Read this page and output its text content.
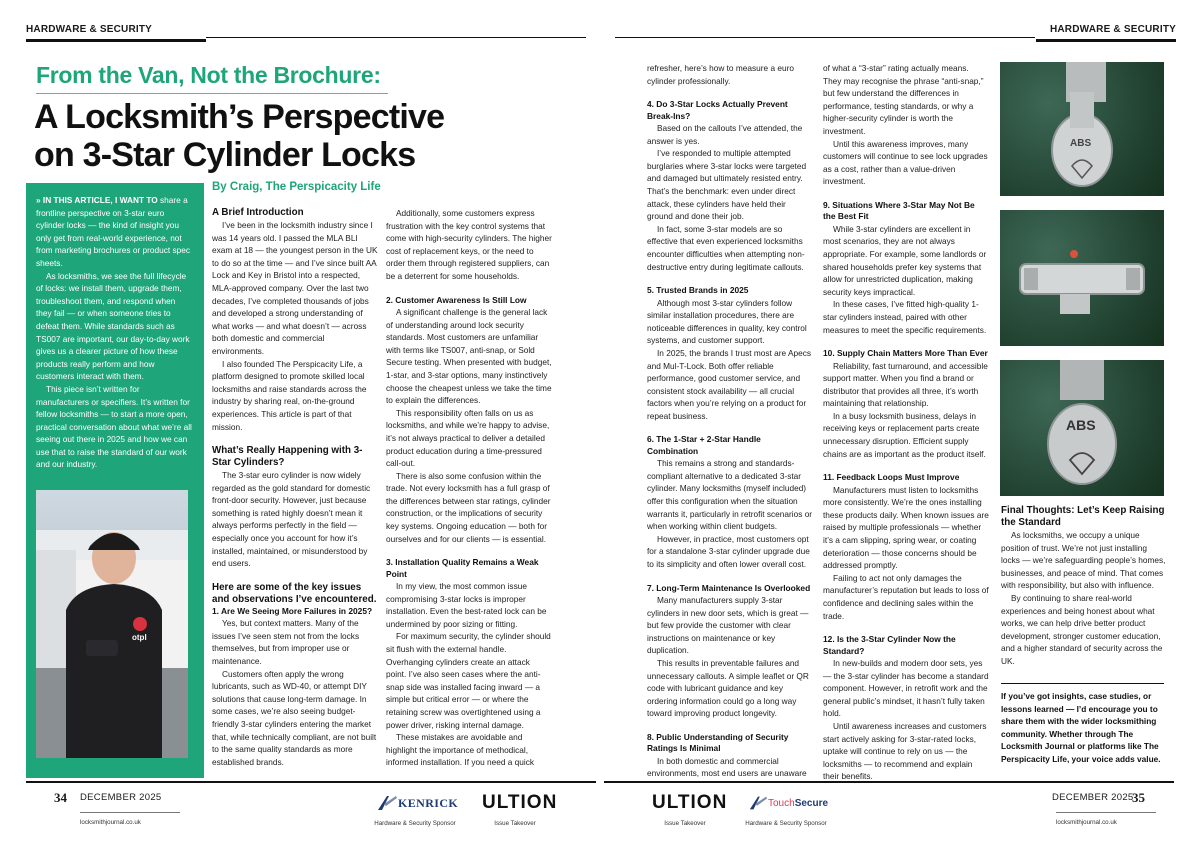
HARDWARE & SECURITY	HARDWARE & SECURITY
From the Van, Not the Brochure:
A Locksmith’s Perspective
on 3-Star Cylinder Locks

» IN THIS ARTICLE, I WANT TO share a frontline perspective on 3-star euro cylinder locks — the kind of insight you only get from real-world experience, not from marketing brochures or product spec sheets.

As locksmiths, we see the full lifecycle of locks: we install them, upgrade them, troubleshoot them, and respond when they fail — or when someone tries to defeat them. While standards such as TS007 are important, our day-to-day work gives us a clearer picture of how these products really perform and how customers interact with them.

This piece isn’t written for manufacturers or specifiers. It’s written for fellow locksmiths — to start a more open, practical conversation about what we’re all seeing out there in 2025 and how we can use that to raise the standard of our work and our industry.

otpl
By Craig, The Perspicacity Life
A Brief Introduction

I’ve been in the locksmith industry since I was 14 years old. I passed the MLA BLI exam at 18 — the youngest person in the UK to do so at the time — and I’ve since built AA Lock and Key in Bristol into a respected, MLA-approved company. Over the last two decades, I’ve completed thousands of jobs and developed a strong understanding of what works — and what doesn’t — across both domestic and commercial environments.

I also founded The Perspicacity Life, a platform designed to promote skilled local locksmiths and raise standards across the industry by sharing real, on-the-ground experiences. This article is part of that mission.

What’s Really Happening with 3-Star Cylinders?

The 3-star euro cylinder is now widely regarded as the gold standard for domestic front-door security. However, just because something is rated highly doesn’t mean it always performs perfectly in the field — especially once you account for how it’s installed, maintained, or misunderstood by end users.

Here are some of the key issues and observations I’ve encountered.
1. Are We Seeing More Failures in 2025?

Yes, but context matters. Many of the issues I’ve seen stem not from the locks themselves, but from improper use or maintenance.

Customers often apply the wrong lubricants, such as WD-40, or attempt DIY solutions that cause long-term damage. In some cases, we’re also seeing budget-friendly 3-star cylinders entering the market that, while technically compliant, are not built to the same quality standards as more established brands.

Additionally, some customers express frustration with the key control systems that come with high-security cylinders. The higher cost of replacement keys, or the need to order them through registered suppliers, can be a deterrent for some households.

2. Customer Awareness Is Still Low

A significant challenge is the general lack of understanding around lock security standards. Most customers are unfamiliar with terms like TS007, anti-snap, or Sold Secure testing. When presented with budget, 1-star, and 3-star options, many instinctively choose the cheapest unless we take the time to explain the differences.

This responsibility often falls on us as locksmiths, and while we’re happy to advise, it’s not always practical to deliver a detailed product education during a time-pressured call-out.

There is also some confusion within the trade. Not every locksmith has a full grasp of the differences between star ratings, cylinder construction, or the implications of security key systems. Ongoing education — both for ourselves and for our clients — is essential.

3. Installation Quality Remains a Weak Point

In my view, the most common issue compromising 3-star locks is improper installation. Even the best-rated lock can be undermined by poor sizing or fitting.

For maximum security, the cylinder should sit flush with the external handle. Overhanging cylinders create an attack point. I’ve also seen cases where the anti-snap side was installed facing inward — a simple but critical error — or where the retaining screw was overtightened using a power driver, risking internal damage.

These mistakes are avoidable and highlight the importance of methodical, informed installation. If you need a quick

refresher, here’s how to measure a euro cylinder professionally.

4. Do 3-Star Locks Actually Prevent Break-Ins?

Based on the callouts I’ve attended, the answer is yes.

I’ve responded to multiple attempted burglaries where 3-star locks were targeted and damaged but ultimately resisted entry. That’s the benchmark: even under direct attack, these cylinders have held their ground and done their job.

In fact, some 3-star models are so effective that even experienced locksmiths encounter difficulties when attempting non-destructive entry during legitimate callouts.

5. Trusted Brands in 2025

Although most 3-star cylinders follow similar installation procedures, there are noticeable differences in quality, key control systems, and customer support.

In 2025, the brands I trust most are Apecs and Mul-T-Lock. Both offer reliable performance, good customer service, and consistent stock availability — all crucial factors when you’re relying on a product for repeat business.

6. The 1-Star + 2-Star Handle Combination

This remains a strong and standards-compliant alternative to a dedicated 3-star cylinder. Many locksmiths (myself included) offer this configuration when the situation warrants it, particularly in retrofit scenarios or when working within client budgets.

However, in practice, most customers opt for a standalone 3-star cylinder upgrade due to its simplicity and often lower overall cost.

7. Long-Term Maintenance Is Overlooked

Many manufacturers supply 3-star cylinders in new door sets, which is great — but few provide the customer with clear instructions on maintenance or key duplication.

This results in preventable failures and unnecessary callouts. A simple leaflet or QR code with lubricant guidance and key ordering information could go a long way toward improving product longevity.

8. Public Understanding of Security Ratings Is Minimal

In both domestic and commercial environments, most end users are unaware

of what a “3-star” rating actually means. They may recognise the phrase “anti-snap,” but few understand the differences in performance, testing standards, or why a higher-security cylinder is worth the investment.

Until this awareness improves, many customers will continue to see lock upgrades as a cost, rather than a value-driven investment.

9. Situations Where 3-Star May Not Be the Best Fit

While 3-star cylinders are excellent in most scenarios, they are not always appropriate. For example, some landlords or shared households prefer key systems that allow for unrestricted duplication, making security keys impractical.

In these cases, I’ve fitted high-quality 1-star cylinders instead, paired with other measures to meet the specific requirements.

10. Supply Chain Matters More Than Ever

Reliability, fast turnaround, and accessible support matter. When you find a brand or distributor that provides all three, it’s worth maintaining that relationship.

In a busy locksmith business, delays in receiving keys or replacement parts create unnecessary disruption. Efficient supply chains are as important as the product itself.

11. Feedback Loops Must Improve

Manufacturers must listen to locksmiths more consistently. We’re the ones installing these products daily. When known issues are raised by multiple professionals — whether it’s a cam slipping, spring wear, or coating deterioration — those concerns should be addressed promptly.

Failing to act not only damages the manufacturer’s reputation but leads to loss of confidence and declining sales within the trade.

12. Is the 3-Star Cylinder Now the Standard?

In new-builds and modern door sets, yes — the 3-star cylinder has become a standard component. However, in retrofit work and the general public’s mindset, it hasn’t fully taken hold.

Until awareness increases and customers start actively asking for 3-star-rated locks, uptake will continue to rely on us — the locksmiths — to recommend and explain their benefits.

ABS
ABS
Final Thoughts: Let’s Keep Raising the Standard

As locksmiths, we occupy a unique position of trust. We’re not just installing locks — we’re safeguarding people’s homes, businesses, and peace of mind. That comes with responsibility, but also with influence.

By continuing to share real-world experiences and being honest about what works, we can help drive better product development, stronger customer education, and a higher standard of security across the UK.

If you’ve got insights, case studies, or lessons learned — I’d encourage you to share them with the wider locksmithing community. Whether through The Locksmith Journal or platforms like The Perspicacity Life, your voice adds value.
34 DECEMBER 2025
locksmithjournal.co.uk
KENRICK
Hardware & Security Sponsor
ULTION
Issue Takeover
ULTION
Issue Takeover
Touch Secure
Hardware & Security Sponsor
DECEMBER 2025
35
locksmithjournal.co.uk
